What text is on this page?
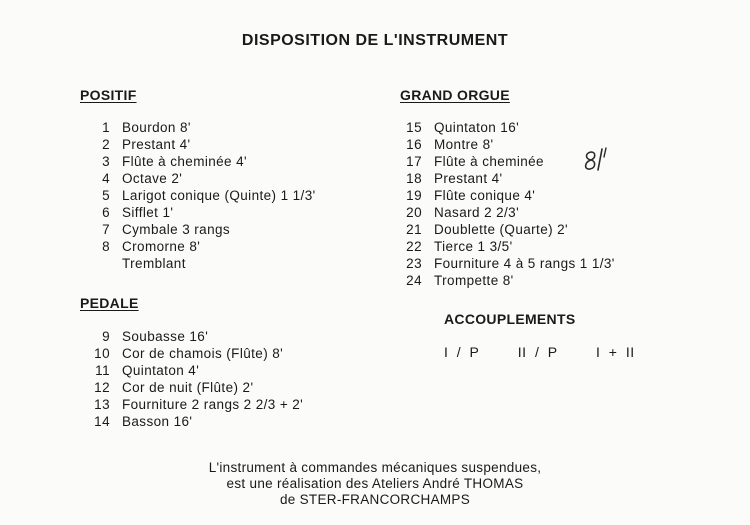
DISPOSITION DE L'INSTRUMENT
POSITIF
1 Bourdon 8'
2 Prestant 4'
3 Flûte à cheminée 4'
4 Octave 2'
5 Larigot conique (Quinte) 1 1/3'
6 Sifflet 1'
7 Cymbale 3 rangs
8 Cromorne 8'
Tremblant
PEDALE
9 Soubasse 16'
10 Cor de chamois (Flûte) 8'
11 Quintaton 4'
12 Cor de nuit (Flûte) 2'
13 Fourniture 2 rangs 2 2/3 + 2'
14 Basson 16'
GRAND ORGUE
15 Quintaton 16'
16 Montre 8'
17 Flûte à cheminée
18 Prestant 4'
19 Flûte conique 4'
20 Nasard 2 2/3'
21 Doublette (Quarte) 2'
22 Tierce 1 3/5'
23 Fourniture 4 à 5 rangs 1 1/3'
24 Trompette 8'
ACCOUPLEMENTS
I / P	II / P	I + II
L'instrument à commandes mécaniques suspendues,
est une réalisation des Ateliers André THOMAS
de STER-FRANCORCHAMPS
